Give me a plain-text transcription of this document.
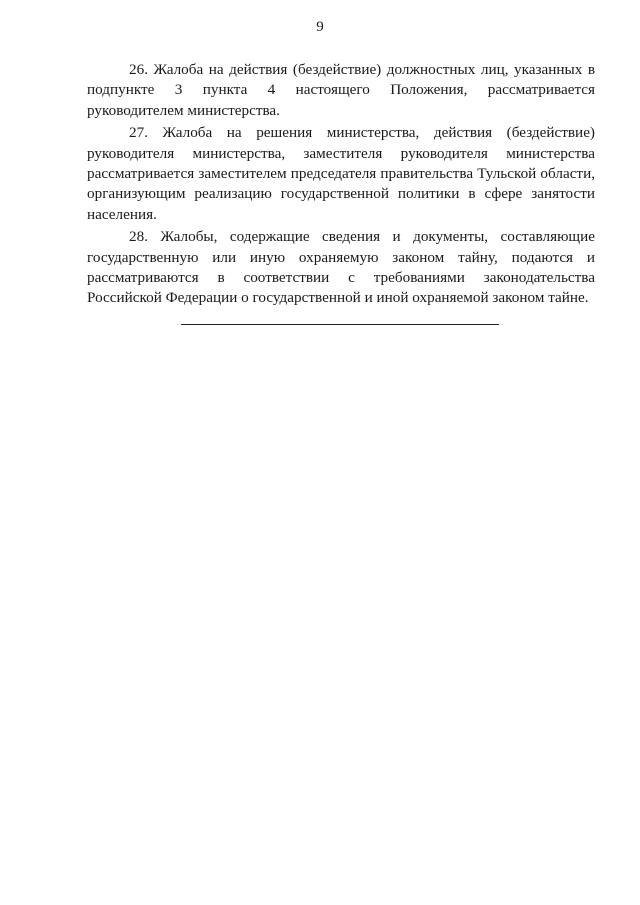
9

26. Жалоба на действия (бездействие) должностных лиц, указанных в подпункте 3 пункта 4 настоящего Положения, рассматривается руководителем министерства.

27. Жалоба на решения министерства, действия (бездействие) руководителя министерства, заместителя руководителя министерства рассматривается заместителем председателя правительства Тульской области, организующим реализацию государственной политики в сфере занятости населения.

28. Жалобы, содержащие сведения и документы, составляющие государственную или иную охраняемую законом тайну, подаются и рассматриваются в соответствии с требованиями законодательства Российской Федерации о государственной и иной охраняемой законом тайне.
